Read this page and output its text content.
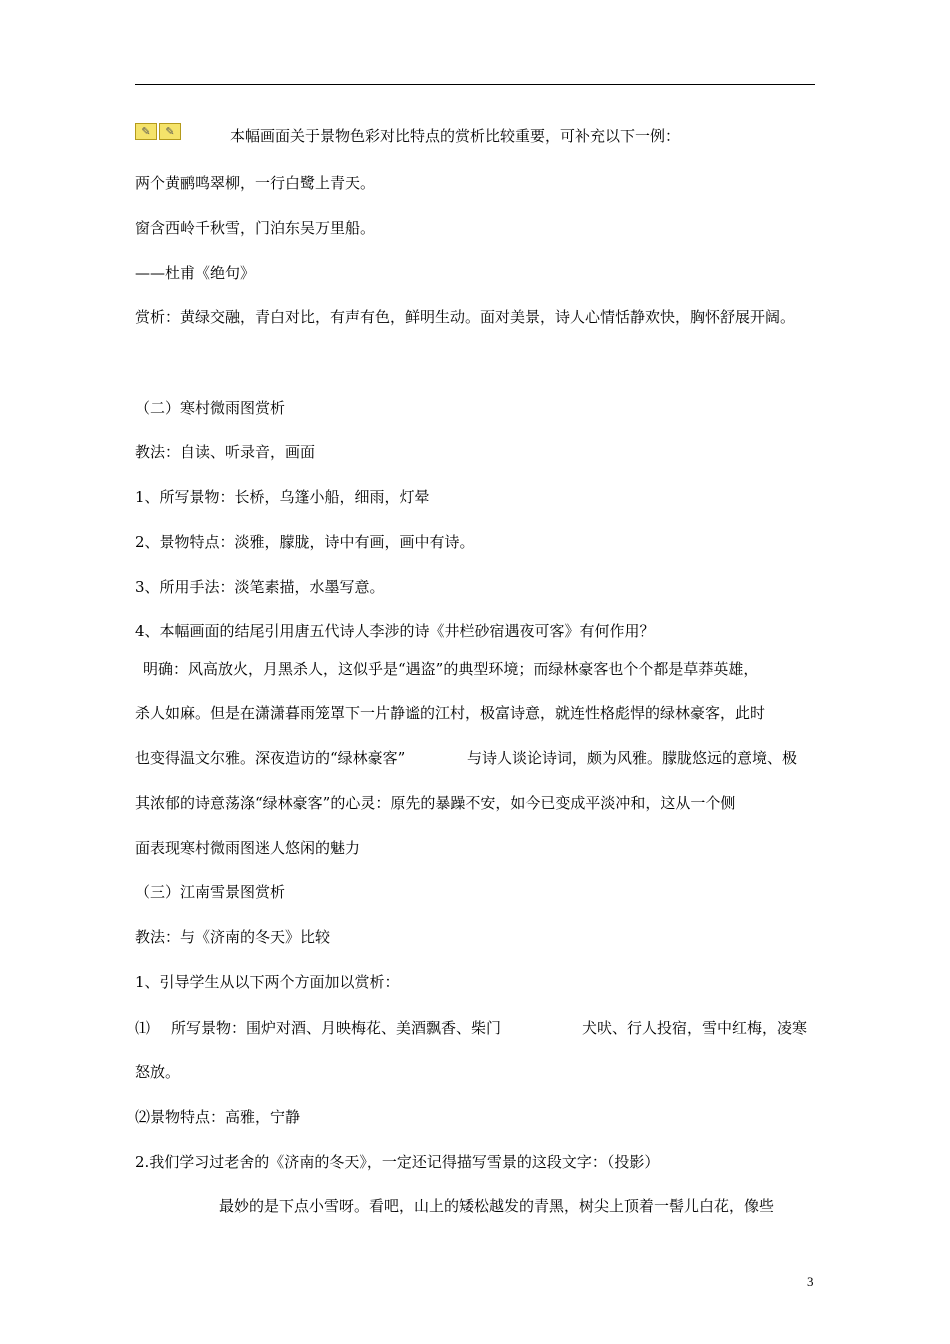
✎	✎	本幅画面关于景物色彩对比特点的赏析比较重要，可补充以下一例：
两个黄鹂鸣翠柳，一行白鹭上青天。
窗含西岭千秋雪，门泊东吴万里船。
——杜甫《绝句》
赏析：黄绿交融，青白对比，有声有色，鲜明生动。面对美景，诗人心情恬静欢快，胸怀舒展开阔。
（二）寒村微雨图赏析
教法：自读、听录音，画面
1、所写景物：长桥，乌篷小船，细雨，灯晕
2、景物特点：淡雅，朦胧，诗中有画，画中有诗。
3、所用手法：淡笔素描，水墨写意。
4、本幅画面的结尾引用唐五代诗人李涉的诗《井栏砂宿遇夜可客》有何作用？
明确：风高放火，月黑杀人，这似乎是“遇盗”的典型环境；而绿林豪客也个个都是草莽英雄，
杀人如麻。但是在潇潇暮雨笼罩下一片静谧的江村，极富诗意，就连性格彪悍的绿林豪客，此时
也变得温文尔雅。深夜造访的“绿林豪客”	与诗人谈论诗词，颇为风雅。朦胧悠远的意境、极
其浓郁的诗意荡涤“绿林豪客”的心灵：原先的暴躁不安，如今已变成平淡冲和，这从一个侧
面表现寒村微雨图迷人悠闲的魅力
（三）江南雪景图赏析
教法：与《济南的冬天》比较
1、引导学生从以下两个方面加以赏析：
⑴ 所写景物：围炉对酒、月映梅花、美酒飘香、柴门	犬吠、行人投宿，雪中红梅，凌寒
怒放。
⑵景物特点：高雅，宁静
2.我们学习过老舍的《济南的冬天》，一定还记得描写雪景的这段文字：（投影）
最妙的是下点小雪呀。看吧，山上的矮松越发的青黑，树尖上顶着一髻儿白花，像些
3
